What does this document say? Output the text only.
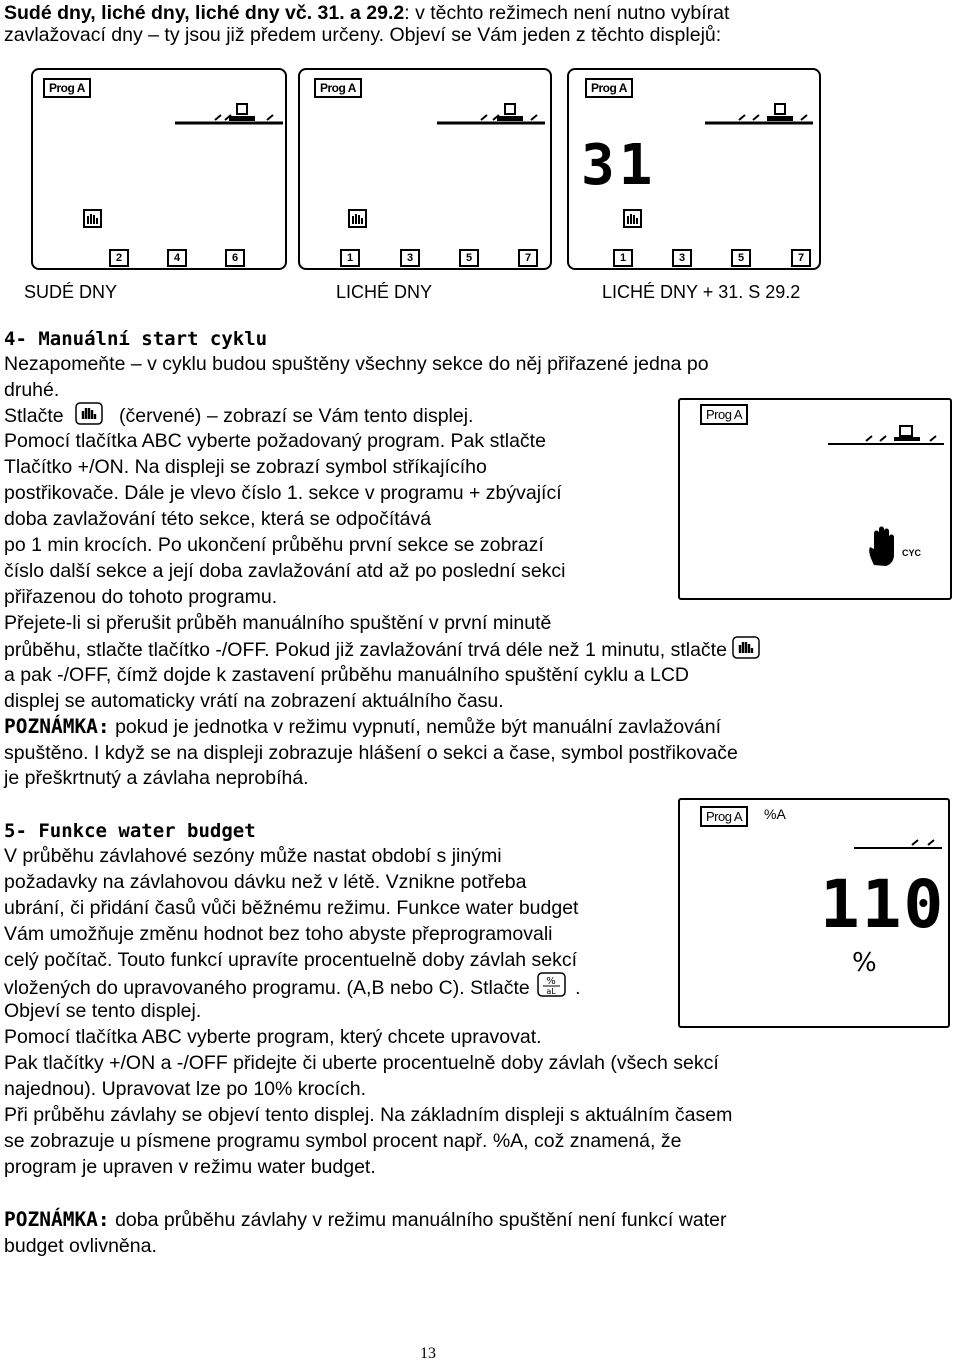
Sudé dny, liché dny, liché dny vč. 31. a 29.2: v těchto režimech není nutno vybírat
zavlažovací dny – ty jsou již předem určeny. Objeví se Vám jeden z těchto displejů:
Prog A
2	4	6
SUDÉ DNY
Prog A
1	3	5	7
LICHÉ DNY
Prog A
31
1	3	5	7
LICHÉ DNY + 31. S 29.2
4- Manuální start cyklu
Nezapomeňte – v cyklu budou spuštěny všechny sekce do něj přiřazené jedna po
druhé.
Stlačte	(červené) – zobrazí se Vám tento displej.
Pomocí tlačítka ABC vyberte požadovaný program. Pak stlačte
Tlačítko +/ON. Na displeji se zobrazí symbol stříkajícího
postřikovače. Dále je vlevo číslo 1. sekce v programu + zbývající
doba zavlažování této sekce, která se odpočítává
po 1 min krocích. Po ukončení průběhu první sekce se zobrazí
číslo další sekce a její doba zavlažování atd až po poslední sekci
přiřazenou do tohoto programu.
Přejete-li si přerušit průběh manuálního spuštění v první minutě
průběhu, stlačte tlačítko -/OFF. Pokud již zavlažování trvá déle než 1 minutu, stlačte
a pak -/OFF, čímž dojde k zastavení průběhu manuálního spuštění cyklu a LCD
displej se automaticky vrátí na zobrazení aktuálního času.
POZNÁMKA: pokud je jednotka v režimu vypnutí, nemůže být manuální zavlažování
spuštěno. I když se na displeji zobrazuje hlášení o sekci a čase, symbol postřikovače
je přeškrtnutý a závlaha neprobíhá.
Prog A
CYC
5- Funkce water budget
V průběhu závlahové sezóny může nastat období s jinými
požadavky na závlahovou dávku než v létě. Vznikne potřeba
ubrání, či přidání časů vůči běžnému režimu. Funkce water budget
Vám umožňuje změnu hodnot bez toho abyste přeprogramovali
celý počítač. Touto funkcí upravíte procentuelně doby závlah sekcí
vložených do upravovaného programu. (A,B nebo C). Stlačte %
aL .
Objeví se tento displej.
Pomocí tlačítka ABC vyberte program, který chcete upravovat.
Pak tlačítky +/ON a -/OFF přidejte či uberte procentuelně doby závlah (všech sekcí
najednou). Upravovat lze po 10% krocích.
Při průběhu závlahy se objeví tento displej. Na základním displeji s aktuálním časem
se zobrazuje u písmene programu symbol procent např. %A, což znamená, že
program je upraven v režimu water budget.
POZNÁMKA: doba průběhu závlahy v režimu manuálního spuštění není funkcí water
budget ovlivněna.
Prog A	%A
110
%
13
